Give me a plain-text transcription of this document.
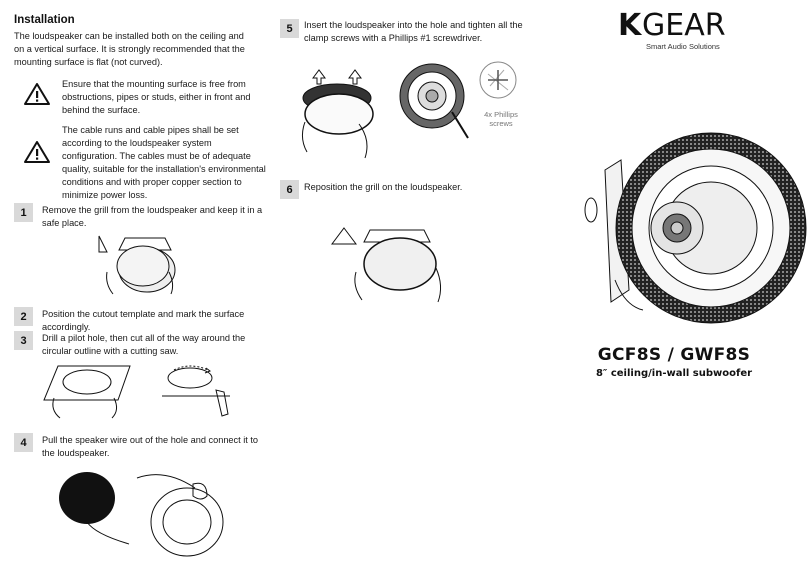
Installation
The loudspeaker can be installed both on the ceiling and on a vertical surface. It is strongly recommended that the mounting surface is flat (not curved).
Ensure that the mounting surface is free from obstructions, pipes or studs, either in front and behind the surface.
The cable runs and cable pipes shall be set according to the loudspeaker system configuration. The cables must be of adequate quality, suitable for the installation's environmental conditions and with proper copper section to minimize power loss.
1	Remove the grill from the loudspeaker and keep it in a safe place.
2	Position the cutout template and mark the surface accordingly.
3	Drill a pilot hole, then cut all of the way around the circular outline with a cutting saw.
4	Pull the speaker wire out of the hole and connect it to the loudspeaker.
5	Insert the loudspeaker into the hole and tighten all the clamp screws with a Phillips #1 screwdriver.
4x Phillips
screws
6	Reposition the grill on the loudspeaker.
K GEAR
Smart Audio Solutions
GCF8S / GWF8S
8″ ceiling/in-wall subwoofer
